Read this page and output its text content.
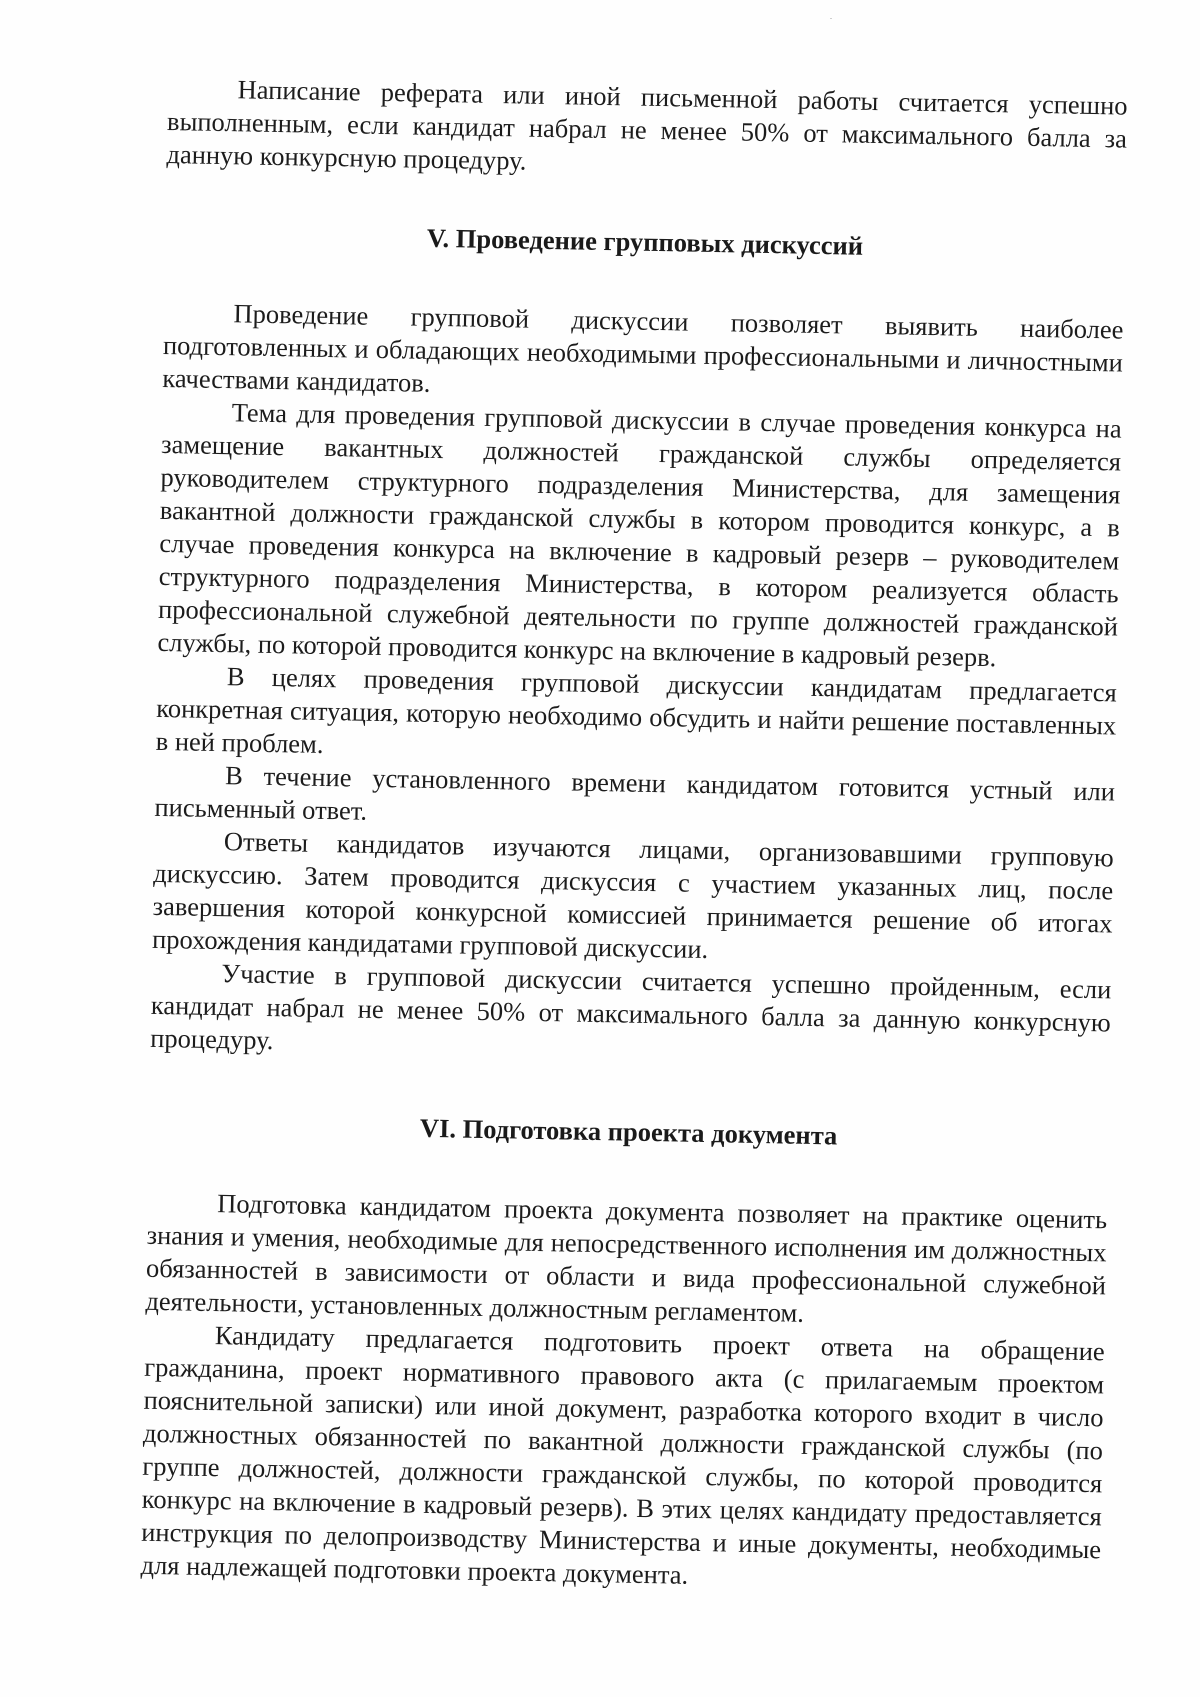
Написание реферата или иной письменной работы считается успешно выполненным, если кандидат набрал не менее 50% от максимального балла за данную конкурсную процедуру.

V. Проведение групповых дискуссий

Проведение групповой дискуссии позволяет выявить наиболее подготовленных и обладающих необходимыми профессиональными и личностными качествами кандидатов.

Тема для проведения групповой дискуссии в случае проведения конкурса на замещение вакантных должностей гражданской службы определяется руководителем структурного подразделения Министерства, для замещения вакантной должности гражданской службы в котором проводится конкурс, а в случае проведения конкурса на включение в кадровый резерв – руководителем структурного подразделения Министерства, в котором реализуется область профессиональной служебной деятельности по группе должностей гражданской службы, по которой проводится конкурс на включение в кадровый резерв.

В целях проведения групповой дискуссии кандидатам предлагается конкретная ситуация, которую необходимо обсудить и найти решение поставленных в ней проблем.

В течение установленного времени кандидатом готовится устный или письменный ответ.

Ответы кандидатов изучаются лицами, организовавшими групповую дискуссию. Затем проводится дискуссия с участием указанных лиц, после завершения которой конкурсной комиссией принимается решение об итогах прохождения кандидатами групповой дискуссии.

Участие в групповой дискуссии считается успешно пройденным, если кандидат набрал не менее 50% от максимального балла за данную конкурсную процедуру.

VI. Подготовка проекта документа

Подготовка кандидатом проекта документа позволяет на практике оценить знания и умения, необходимые для непосредственного исполнения им должностных обязанностей в зависимости от области и вида профессиональной служебной деятельности, установленных должностным регламентом.

Кандидату предлагается подготовить проект ответа на обращение гражданина, проект нормативного правового акта (с прилагаемым проектом пояснительной записки) или иной документ, разработка которого входит в число должностных обязанностей по вакантной должности гражданской службы (по группе должностей, должности гражданской службы, по которой проводится конкурс на включение в кадровый резерв). В этих целях кандидату предоставляется инструкция по делопроизводству Министерства и иные документы, необходимые для надлежащей подготовки проекта документа.
